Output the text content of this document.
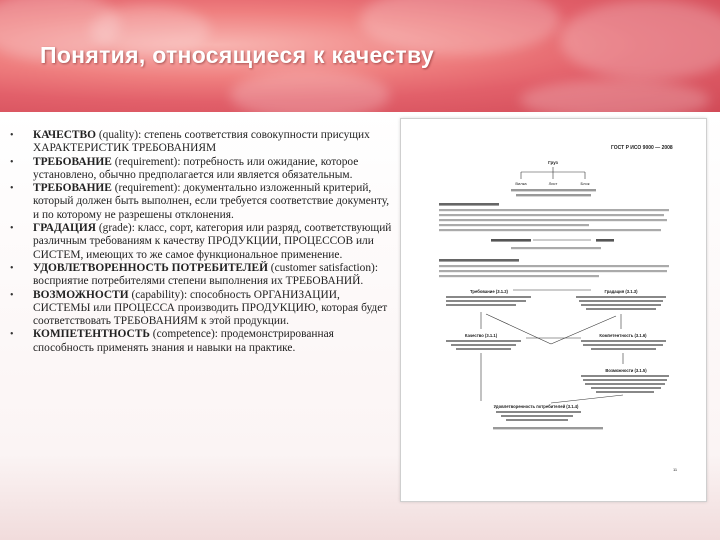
Понятия, относящиеся к качеству
• КАЧЕСТВО (quality): степень соответствия совокупности присущих ХАРАКТЕРИСТИК ТРЕБОВАНИЯМ
• ТРЕБОВАНИЕ (requirement): потребность или ожидание, которое установлено, обычно предполагается или является обязательным.
• ТРЕБОВАНИЕ (requirement): документально изложенный критерий, который должен быть выполнен, если требуется соответствие документу, и по которому не разрешены отклонения.
• ГРАДАЦИЯ (grade): класс, сорт, категория или разряд, соответствующий различным требованиям к качеству ПРОДУКЦИИ, ПРОЦЕССОВ или СИСТЕМ, имеющих то же самое функциональное применение.
• УДОВЛЕТВОРЕННОСТЬ ПОТРЕБИТЕЛЕЙ (customer satisfaction): восприятие потребителями степени выполнения их ТРЕБОВАНИЙ.
• ВОЗМОЖНОСТИ (capability): способность ОРГАНИЗАЦИИ, СИСТЕМЫ или ПРОЦЕССА производить ПРОДУКЦИЮ, которая будет соответствовать ТРЕБОВАНИЯМ к этой продукции.
• КОМПЕТЕНТНОСТЬ (competence): продемонстрированная способность применять знания и навыки на практике.
ГОСТ Р ИСО 9000 — 2008
Груз
Вилка	Лист	Блок
Требование (3.1.2)	Градация (3.1.3)
Качество (3.1.1)	Компетентность (3.1.6)
Возможности (3.1.5)
Удовлетворенность потребителей (3.1.4)
11
